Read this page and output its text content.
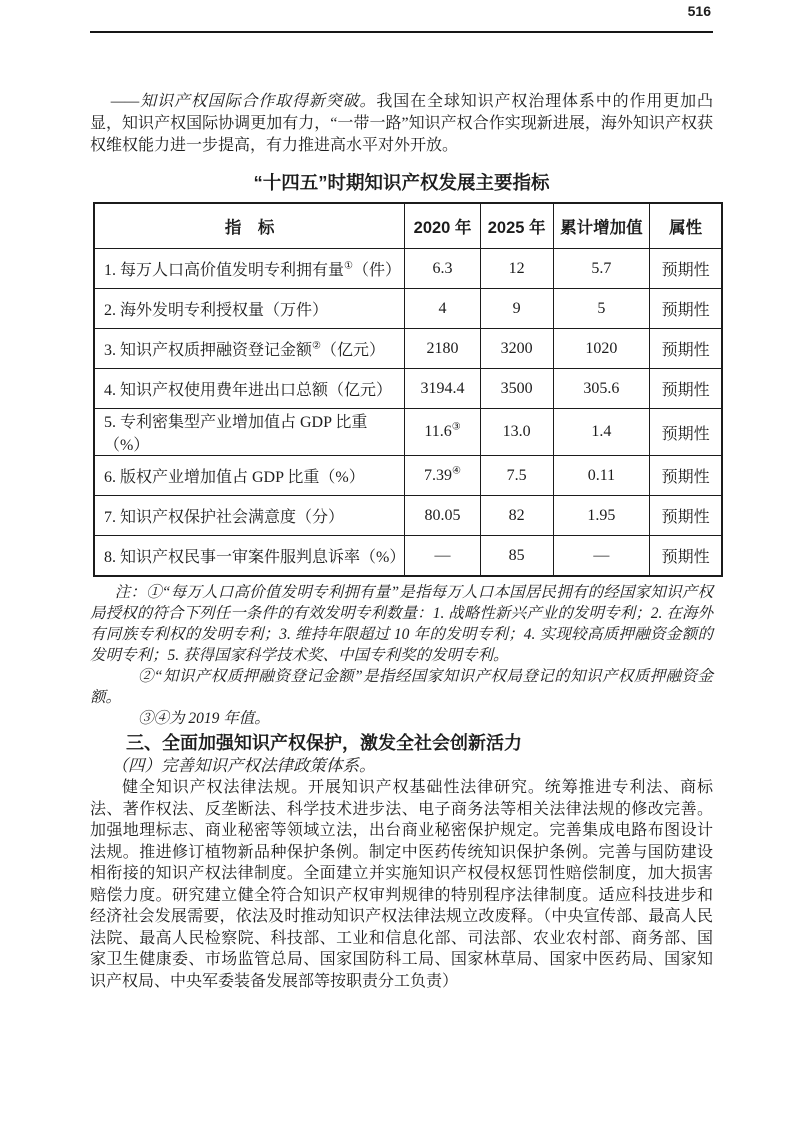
516

——知识产权国际合作取得新突破。我国在全球知识产权治理体系中的作用更加凸显，知识产权国际协调更加有力，“一带一路”知识产权合作实现新进展，海外知识产权获权维权能力进一步提高，有力推进高水平对外开放。

“十四五”时期知识产权发展主要指标

指　标	2020 年	2025 年	累计增加值	属性
1. 每万人口高价值发明专利拥有量①（件）	6.3	12	5.7	预期性
2. 海外发明专利授权量（万件）	4	9	5	预期性
3. 知识产权质押融资登记金额②（亿元）	2180	3200	1020	预期性
4. 知识产权使用费年进出口总额（亿元）	3194.4	3500	305.6	预期性
5. 专利密集型产业增加值占 GDP 比重（%）	11.6③	13.0	1.4	预期性
6. 版权产业增加值占 GDP 比重（%）	7.39④	7.5	0.11	预期性
7. 知识产权保护社会满意度（分）	80.05	82	1.95	预期性
8. 知识产权民事一审案件服判息诉率（%）	—	85	—	预期性

注：①“每万人口高价值发明专利拥有量”是指每万人口本国居民拥有的经国家知识产权局授权的符合下列任一条件的有效发明专利数量：1. 战略性新兴产业的发明专利；2. 在海外有同族专利权的发明专利；3. 维持年限超过 10 年的发明专利；4. 实现较高质押融资金额的发明专利；5. 获得国家科学技术奖、中国专利奖的发明专利。

②“知识产权质押融资登记金额”是指经国家知识产权局登记的知识产权质押融资金额。

③④为 2019 年值。

三、全面加强知识产权保护，激发全社会创新活力

（四）完善知识产权法律政策体系。

健全知识产权法律法规。开展知识产权基础性法律研究。统筹推进专利法、商标法、著作权法、反垄断法、科学技术进步法、电子商务法等相关法律法规的修改完善。加强地理标志、商业秘密等领域立法，出台商业秘密保护规定。完善集成电路布图设计法规。推进修订植物新品种保护条例。制定中医药传统知识保护条例。完善与国防建设相衔接的知识产权法律制度。全面建立并实施知识产权侵权惩罚性赔偿制度，加大损害赔偿力度。研究建立健全符合知识产权审判规律的特别程序法律制度。适应科技进步和经济社会发展需要，依法及时推动知识产权法律法规立改废释。（中央宣传部、最高人民法院、最高人民检察院、科技部、工业和信息化部、司法部、农业农村部、商务部、国家卫生健康委、市场监管总局、国家国防科工局、国家林草局、国家中医药局、国家知识产权局、中央军委装备发展部等按职责分工负责）
